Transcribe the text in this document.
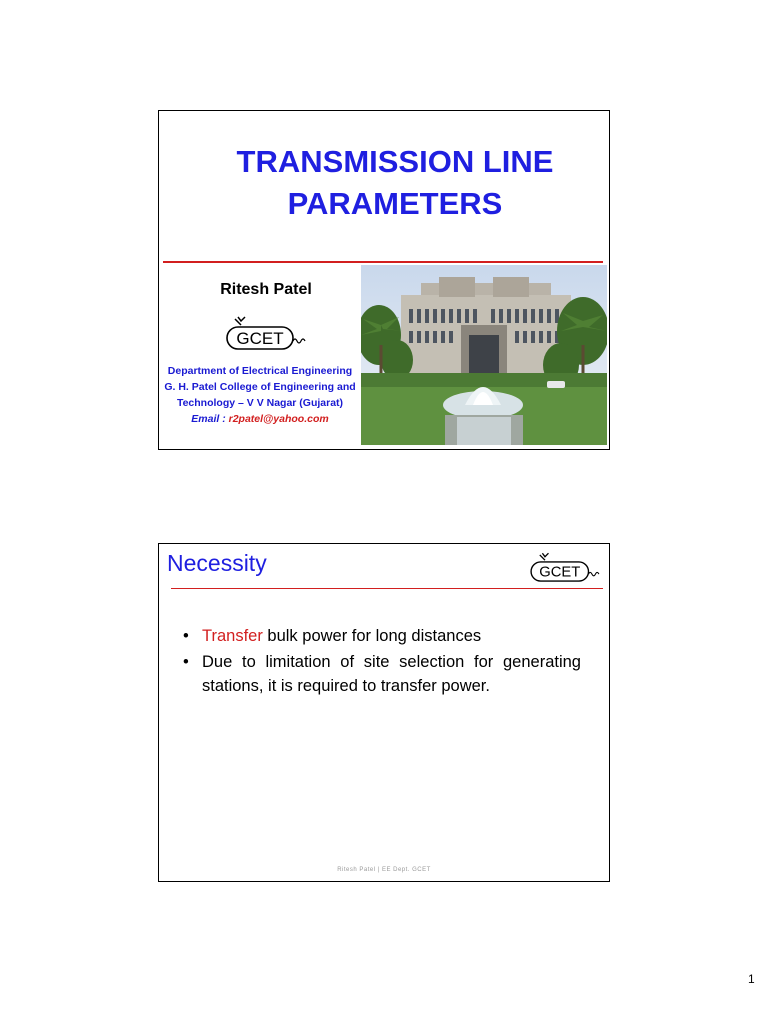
TRANSMISSION LINE
PARAMETERS
Ritesh Patel
GCET
Department of Electrical Engineering
G. H. Patel College of Engineering and
Technology – V V Nagar (Gujarat)
Email : r2patel@yahoo.com
Necessity	GCET
• Transfer bulk power for long distances
• Due to limitation of site selection for generating stations, it is required to transfer power.
Ritesh Patel | EE Dept. GCET
1
